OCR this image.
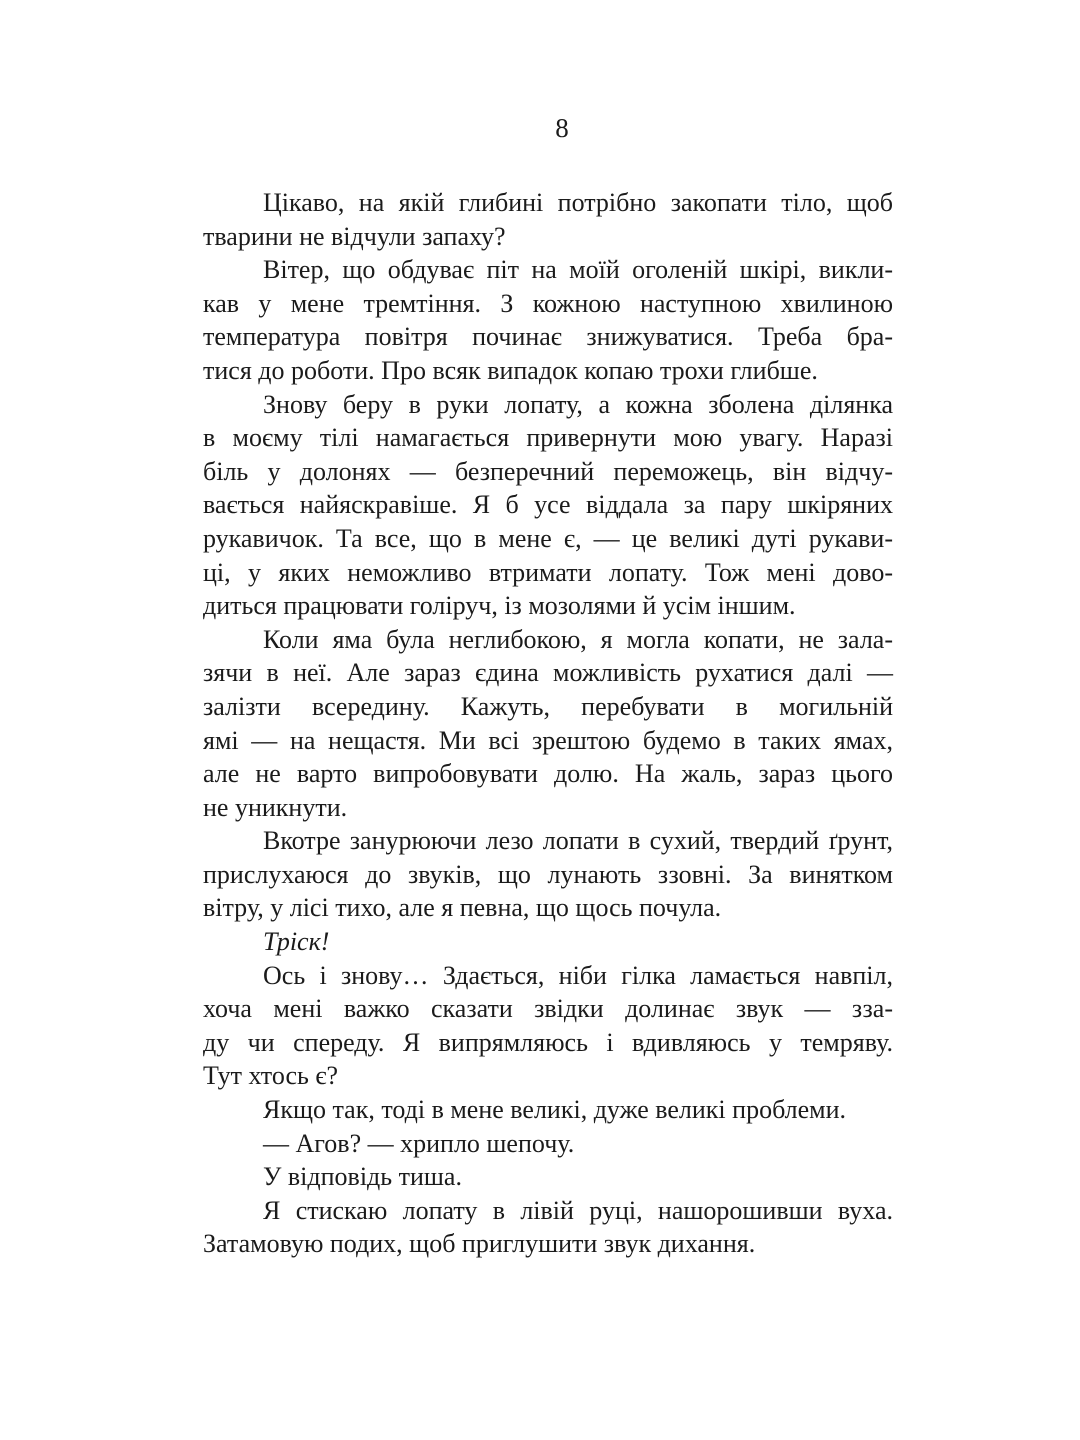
8
Цікаво, на якій глибині потрібно закопати тіло, щоб
тварини не відчули запаху?
Вітер, що обдуває піт на моїй оголеній шкірі, викли-
кав у мене тремтіння. З кожною наступною хвилиною
температура повітря починає знижуватися. Треба бра-
тися до роботи. Про всяк випадок копаю трохи глибше.
Знову беру в руки лопату, а кожна зболена ділянка
в моєму тілі намагається привернути мою увагу. Наразі
біль у долонях — безперечний переможець, він відчу-
вається найяскравіше. Я б усе віддала за пару шкіряних
рукавичок. Та все, що в мене є, — це великі дуті рукави-
ці, у яких неможливо втримати лопату. Тож мені дово-
диться працювати голіруч, із мозолями й усім іншим.
Коли яма була неглибокою, я могла копати, не зала-
зячи в неї. Але зараз єдина можливість рухатися далі —
залізти всередину. Кажуть, перебувати в могильній
ямі — на нещастя. Ми всі зрештою будемо в таких ямах,
але не варто випробовувати долю. На жаль, зараз цього
не уникнути.
Вкотре занурюючи лезо лопати в сухий, твердий ґрунт,
прислухаюся до звуків, що лунають ззовні. За винятком
вітру, у лісі тихо, але я певна, що щось почула.
Тріск!
Ось і знову… Здається, ніби гілка ламається навпіл,
хоча мені важко сказати звідки долинає звук — зза-
ду чи спереду. Я випрямляюсь і вдивляюсь у темряву.
Тут хтось є?
Якщо так, тоді в мене великі, дуже великі проблеми.
— Агов? — хрипло шепочу.
У відповідь тиша.
Я стискаю лопату в лівій руці, нашорошивши вуха.
Затамовую подих, щоб приглушити звук дихання.
